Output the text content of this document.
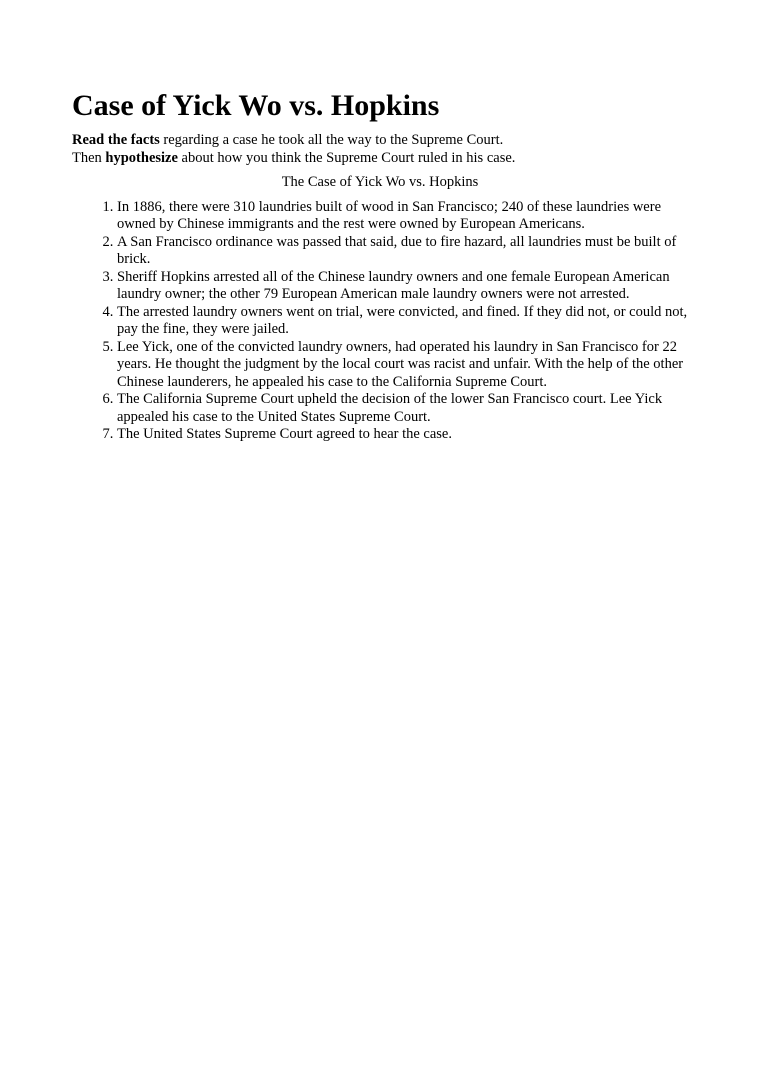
Case of Yick Wo vs. Hopkins

Read the facts regarding a case he took all the way to the Supreme Court.

Then hypothesize about how you think the Supreme Court ruled in his case.

The Case of Yick Wo vs. Hopkins
1. In 1886, there were 310 laundries built of wood in San Francisco; 240 of these laundries were owned by Chinese immigrants and the rest were owned by European Americans.
2. A San Francisco ordinance was passed that said, due to fire hazard, all laundries must be built of brick.
3. Sheriff Hopkins arrested all of the Chinese laundry owners and one female European American laundry owner; the other 79 European American male laundry owners were not arrested.
4. The arrested laundry owners went on trial, were convicted, and fined. If they did not, or could not, pay the fine, they were jailed.
5. Lee Yick, one of the convicted laundry owners, had operated his laundry in San Francisco for 22 years. He thought the judgment by the local court was racist and unfair. With the help of the other Chinese launderers, he appealed his case to the California Supreme Court.
6. The California Supreme Court upheld the decision of the lower San Francisco court. Lee Yick appealed his case to the United States Supreme Court.
7. The United States Supreme Court agreed to hear the case.
